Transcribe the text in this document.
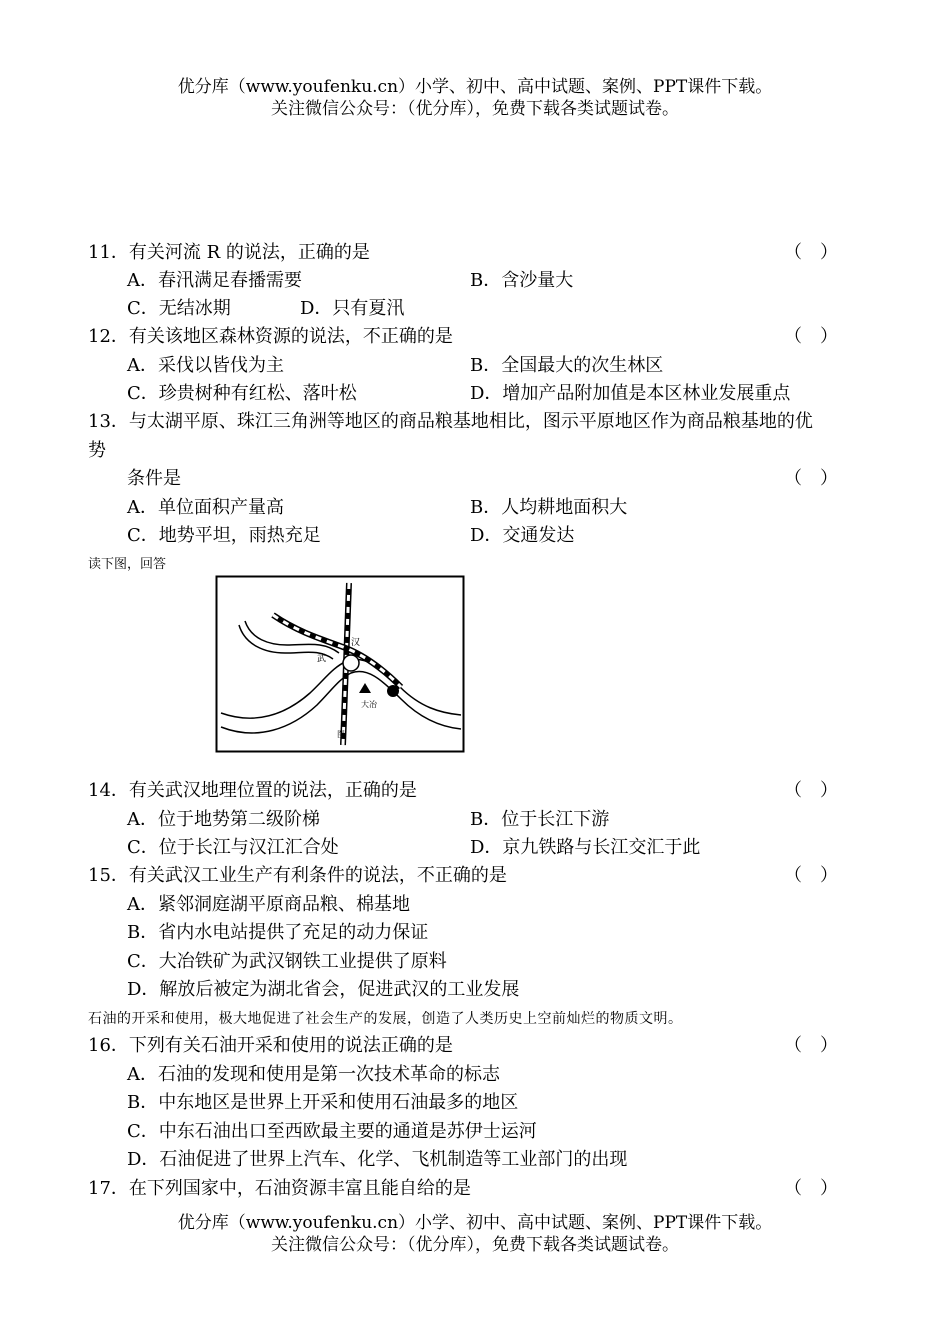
优分库（www.youfenku.cn）小学、初中、高中试题、案例、PPT课件下载。
关注微信公众号：（优分库），免费下载各类试题试卷。
11．有关河流 R 的说法，正确的是	（　）
A．春汛满足春播需要	B．含沙量大
C．无结冰期	D．只有夏汛
12．有关该地区森林资源的说法，不正确的是	（　）
A．采伐以皆伐为主	B．全国最大的次生林区
C．珍贵树种有红松、落叶松	D．增加产品附加值是本区林业发展重点
13．与太湖平原、珠江三角洲等地区的商品粮基地相比，图示平原地区作为商品粮基地的优
势
条件是	（　）
A．单位面积产量高	B．人均耕地面积大
C．地势平坦，雨热充足	D．交通发达
读下图，回答
武
汉
大冶
图
14．有关武汉地理位置的说法，正确的是	（　）
A．位于地势第二级阶梯	B．位于长江下游
C．位于长江与汉江汇合处	D．京九铁路与长江交汇于此
15．有关武汉工业生产有利条件的说法，不正确的是	（　）
A．紧邻洞庭湖平原商品粮、棉基地
B．省内水电站提供了充足的动力保证
C．大冶铁矿为武汉钢铁工业提供了原料
D．解放后被定为湖北省会，促进武汉的工业发展
石油的开采和使用，极大地促进了社会生产的发展，创造了人类历史上空前灿烂的物质文明。
16．下列有关石油开采和使用的说法正确的是	（　）
A．石油的发现和使用是第一次技术革命的标志
B．中东地区是世界上开采和使用石油最多的地区
C．中东石油出口至西欧最主要的通道是苏伊士运河
D．石油促进了世界上汽车、化学、飞机制造等工业部门的出现
17．在下列国家中，石油资源丰富且能自给的是	（　）
优分库（www.youfenku.cn）小学、初中、高中试题、案例、PPT课件下载。
关注微信公众号：（优分库），免费下载各类试题试卷。
